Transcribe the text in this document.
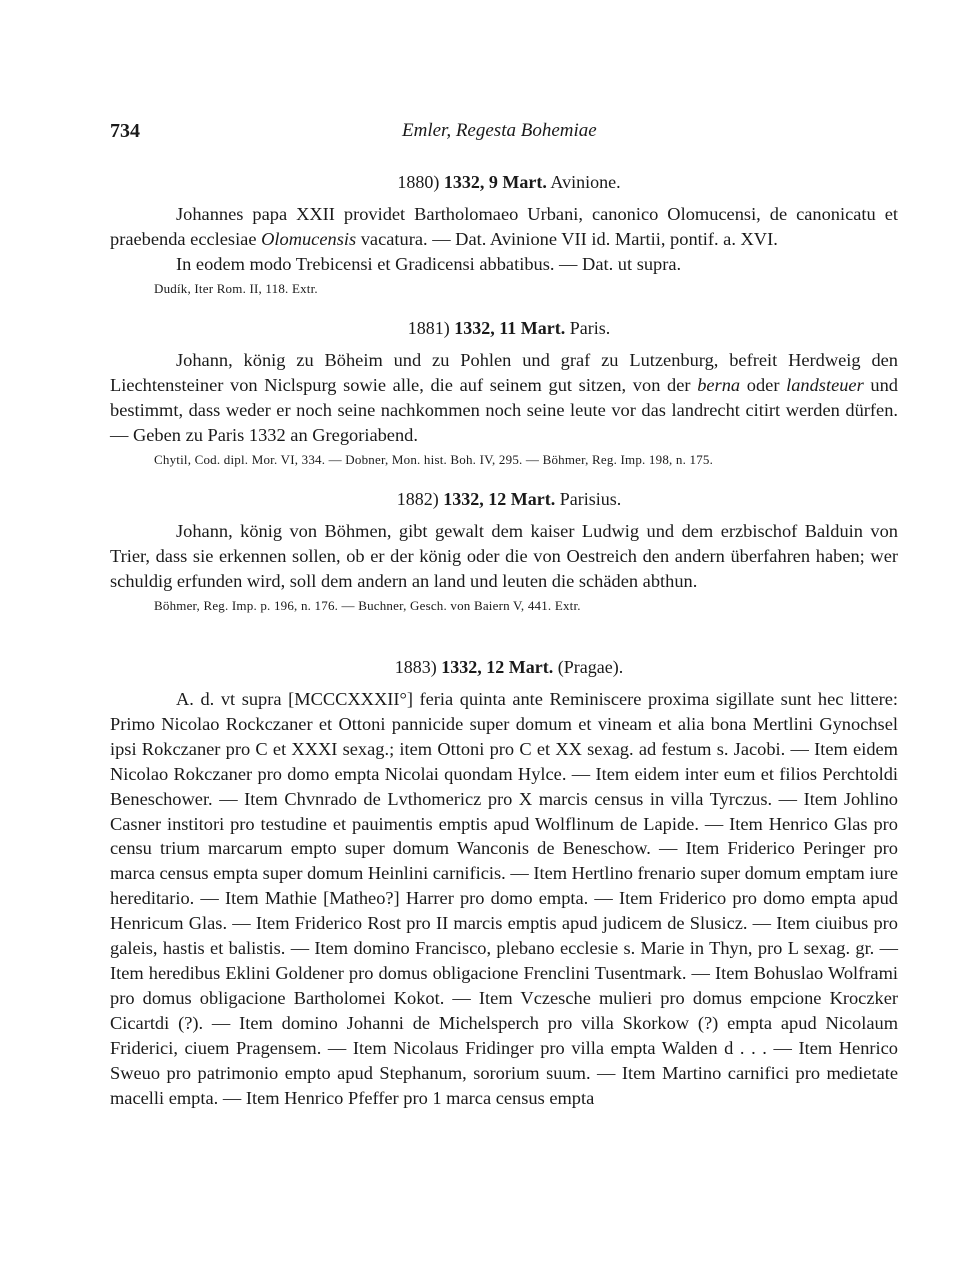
734	Emler, Regesta Bohemiae
1880) 1332, 9 Mart. Avinione.

Johannes papa XXII providet Bartholomaeo Urbani, canonico Olomucensi, de canonicatu et praebenda ecclesiae Olomucensis vacatura. — Dat. Avinione VII id. Martii, pontif. a. XVI.

In eodem modo Trebicensi et Gradicensi abbatibus. — Dat. ut supra.

Dudík, Iter Rom. II, 118. Extr.
1881) 1332, 11 Mart. Paris.

Johann, könig zu Böheim und zu Pohlen und graf zu Lutzenburg, befreit Herdweig den Liechtensteiner von Niclspurg sowie alle, die auf seinem gut sitzen, von der berna oder landsteuer und bestimmt, dass weder er noch seine nachkommen noch seine leute vor das landrecht citirt werden dürfen. — Geben zu Paris 1332 an Gregoriabend.

Chytil, Cod. dipl. Mor. VI, 334. — Dobner, Mon. hist. Boh. IV, 295. — Böhmer, Reg. Imp. 198, n. 175.
1882) 1332, 12 Mart. Parisius.

Johann, könig von Böhmen, gibt gewalt dem kaiser Ludwig und dem erzbischof Balduin von Trier, dass sie erkennen sollen, ob er der könig oder die von Oestreich den andern überfahren haben; wer schuldig erfunden wird, soll dem andern an land und leuten die schäden abthun.

Böhmer, Reg. Imp. p. 196, n. 176. — Buchner, Gesch. von Baiern V, 441. Extr.
1883) 1332, 12 Mart. (Pragae).

A. d. vt supra [MCCCXXXII°] feria quinta ante Reminiscere proxima sigillate sunt hec littere: Primo Nicolao Rockczaner et Ottoni pannicide super domum et vineam et alia bona Mertlini Gynochsel ipsi Rokczaner pro C et XXXI sexag.; item Ottoni pro C et XX sexag. ad festum s. Jacobi. — Item eidem Nicolao Rokczaner pro domo empta Nicolai quondam Hylce. — Item eidem inter eum et filios Perchtoldi Beneschower. — Item Chvnrado de Lvthomericz pro X marcis census in villa Tyrczus. — Item Johlino Casner institori pro testudine et pauimentis emptis apud Wolflinum de Lapide. — Item Henrico Glas pro censu trium marcarum empto super domum Wanconis de Beneschow. — Item Friderico Peringer pro marca census empta super domum Heinlini carnificis. — Item Hertlino frenario super domum emptam iure hereditario. — Item Mathie [Matheo?] Harrer pro domo empta. — Item Friderico pro domo empta apud Henricum Glas. — Item Friderico Rost pro II marcis emptis apud judicem de Slusicz. — Item ciuibus pro galeis, hastis et balistis. — Item domino Francisco, plebano ecclesie s. Marie in Thyn, pro L sexag. gr. — Item heredibus Eklini Goldener pro domus obligacione Frenclini Tusentmark. — Item Bohuslao Wolframi pro domus obligacione Bartholomei Kokot. — Item Vczesche mulieri pro domus empcione Kroczker Cicartdi (?). — Item domino Johanni de Michelsperch pro villa Skorkow (?) empta apud Nicolaum Friderici, ciuem Pragensem. — Item Nicolaus Fridinger pro villa empta Walden d . . . — Item Henrico Sweuo pro patrimonio empto apud Stephanum, sororium suum. — Item Martino carnifici pro medietate macelli empta. — Item Henrico Pfeffer pro 1 marca census empta
